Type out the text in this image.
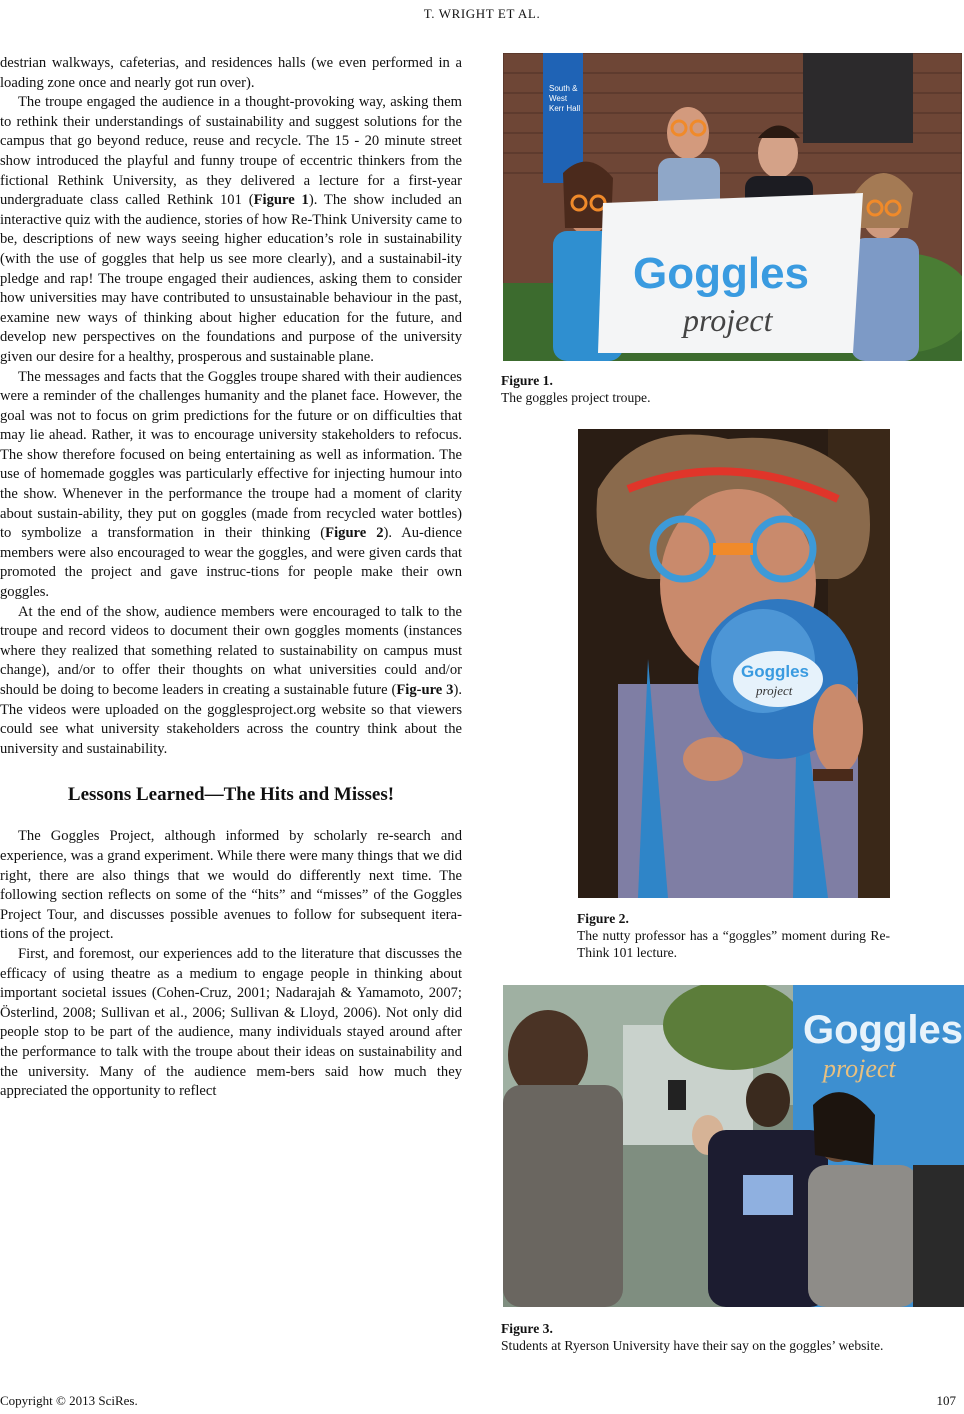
T. WRIGHT ET AL.

destrian walkways, cafeterias, and residences halls (we even performed in a loading zone once and nearly got run over).

The troupe engaged the audience in a thought-provoking way, asking them to rethink their understandings of sustainability and suggest solutions for the campus that go beyond reduce, reuse and recycle. The 15 - 20 minute street show introduced the playful and funny troupe of eccentric thinkers from the fictional Rethink University, as they delivered a lecture for a first-year undergraduate class called Rethink 101 (Figure 1). The show included an interactive quiz with the audience, stories of how Re-Think University came to be, descriptions of new ways seeing higher education’s role in sustainability (with the use of goggles that help us see more clearly), and a sustainabil-ity pledge and rap! The troupe engaged their audiences, asking them to consider how universities may have contributed to unsustainable behaviour in the past, examine new ways of thinking about higher education for the future, and develop new perspectives on the foundations and purpose of the university given our desire for a healthy, prosperous and sustainable plane.

The messages and facts that the Goggles troupe shared with their audiences were a reminder of the challenges humanity and the planet face. However, the goal was not to focus on grim predictions for the future or on difficulties that may lie ahead. Rather, it was to encourage university stakeholders to refocus. The show therefore focused on being entertaining as well as information. The use of homemade goggles was particularly effective for injecting humour into the show. Whenever in the performance the troupe had a moment of clarity about sustain-ability, they put on goggles (made from recycled water bottles) to symbolize a transformation in their thinking (Figure 2). Au-dience members were also encouraged to wear the goggles, and were given cards that promoted the project and gave instruc-tions for people make their own goggles.

At the end of the show, audience members were encouraged to talk to the troupe and record videos to document their own goggles moments (instances where they realized that something related to sustainability on campus must change), and/or to offer their thoughts on what universities could and/or should be doing to become leaders in creating a sustainable future (Fig-ure 3). The videos were uploaded on the gogglesproject.org website so that viewers could see what university stakeholders across the country think about the university and sustainability.

Lessons Learned—The Hits and Misses!

The Goggles Project, although informed by scholarly re-search and experience, was a grand experiment. While there were many things that we did right, there are also things that we would do differently next time. The following section reflects on some of the “hits” and “misses” of the Goggles Project Tour, and discusses possible avenues to follow for subsequent itera-tions of the project.

First, and foremost, our experiences add to the literature that discusses the efficacy of using theatre as a medium to engage people in thinking about important societal issues (Cohen-Cruz, 2001; Nadarajah & Yamamoto, 2007; Österlind, 2008; Sullivan et al., 2006; Sullivan & Lloyd, 2006). Not only did people stop to be part of the audience, many individuals stayed around after the performance to talk with the troupe about their ideas on sustainability and the university. Many of the audience mem-bers said how much they appreciated the opportunity to reflect

South &
West
Kerr Hall
Goggles
project
Figure 1.
The goggles project troupe.
Goggles
project
Figure 2.
The nutty professor has a “goggles” moment during Re-Think 101 lecture.
Goggles
project
Figure 3.
Students at Ryerson University have their say on the goggles’ website.
Copyright © 2013 SciRes.	107
